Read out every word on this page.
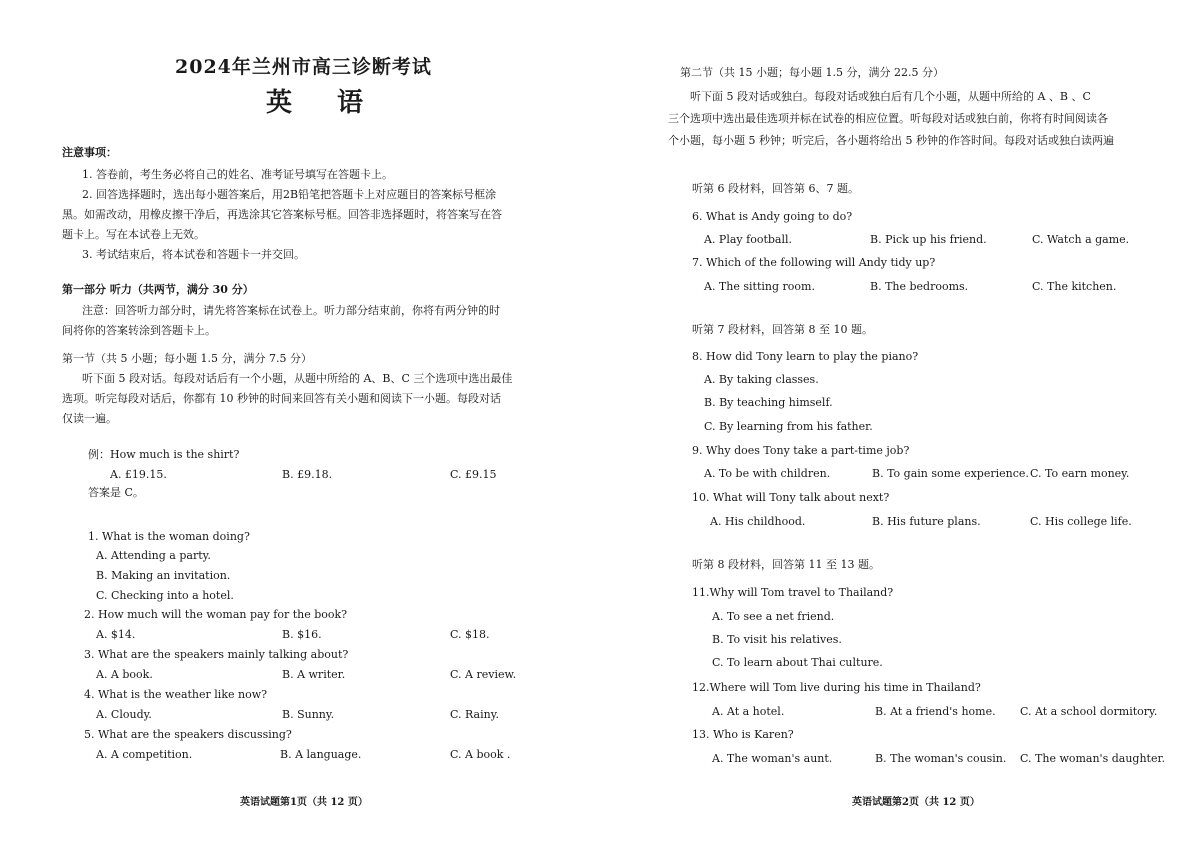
2024年兰州市高三诊断考试
英 语
注意事项：
1. 答卷前，考生务必将自己的姓名、准考证号填写在答题卡上。
2. 回答选择题时，选出每小题答案后，用2B铅笔把答题卡上对应题目的答案标号框涂
黑。如需改动，用橡皮擦干净后，再选涂其它答案标号框。回答非选择题时，将答案写在答
题卡上。写在本试卷上无效。
3. 考试结束后，将本试卷和答题卡一并交回。
第一部分 听力（共两节，满分 30 分）
注意：回答听力部分时，请先将答案标在试卷上。听力部分结束前，你将有两分钟的时
间将你的答案转涂到答题卡上。
第一节（共 5 小题；每小题 1.5 分，满分 7.5 分）
听下面 5 段对话。每段对话后有一个小题，从题中所给的 A、B、C 三个选项中选出最佳
选项。听完每段对话后，你都有 10 秒钟的时间来回答有关小题和阅读下一小题。每段对话
仅读一遍。
例：How much is the shirt?
A. £19.15.	B. £9.18.	C. £9.15
答案是 C。
1. What is the woman doing?
A. Attending a party.
B. Making an invitation.
C. Checking into a hotel.
2. How much will the woman pay for the book?
A. $14.	B. $16.	C. $18.
3. What are the speakers mainly talking about?
A. A book.	B. A writer.	C. A review.
4. What is the weather like now?
A. Cloudy.	B. Sunny.	C. Rainy.
5. What are the speakers discussing?
A. A competition.	B. A language.	C. A book .
英语试题第1页（共 12 页）
第二节（共 15 小题；每小题 1.5 分，满分 22.5 分）
听下面 5 段对话或独白。每段对话或独白后有几个小题，从题中所给的 A 、B 、C
三个选项中选出最佳选项并标在试卷的相应位置。听每段对话或独白前，你将有时间阅读各
个小题，每小题 5 秒钟；听完后，各小题将给出 5 秒钟的作答时间。每段对话或独白读两遍
听第 6 段材料，回答第 6、7 题。
6. What is Andy going to do?
A. Play football.	B. Pick up his friend.	C. Watch a game.
7. Which of the following will Andy tidy up?
A. The sitting room.	B. The bedrooms.	C. The kitchen.
听第 7 段材料，回答第 8 至 10 题。
8. How did Tony learn to play the piano?
A. By taking classes.
B. By teaching himself.
C. By learning from his father.
9. Why does Tony take a part-time job?
A. To be with children.	B. To gain some experience. C. To earn money.
10. What will Tony talk about next?
A. His childhood.	B. His future plans.	C. His college life.
听第 8 段材料，回答第 11 至 13 题。
11.Why will Tom travel to Thailand?
A. To see a net friend.
B. To visit his relatives.
C. To learn about Thai culture.
12.Where will Tom live during his time in Thailand?
A. At a hotel.	B. At a friend's home. C. At a school dormitory.
13. Who is Karen?
A. The woman's aunt.	B. The woman's cousin. C. The woman's daughter.
英语试题第2页（共 12 页）
